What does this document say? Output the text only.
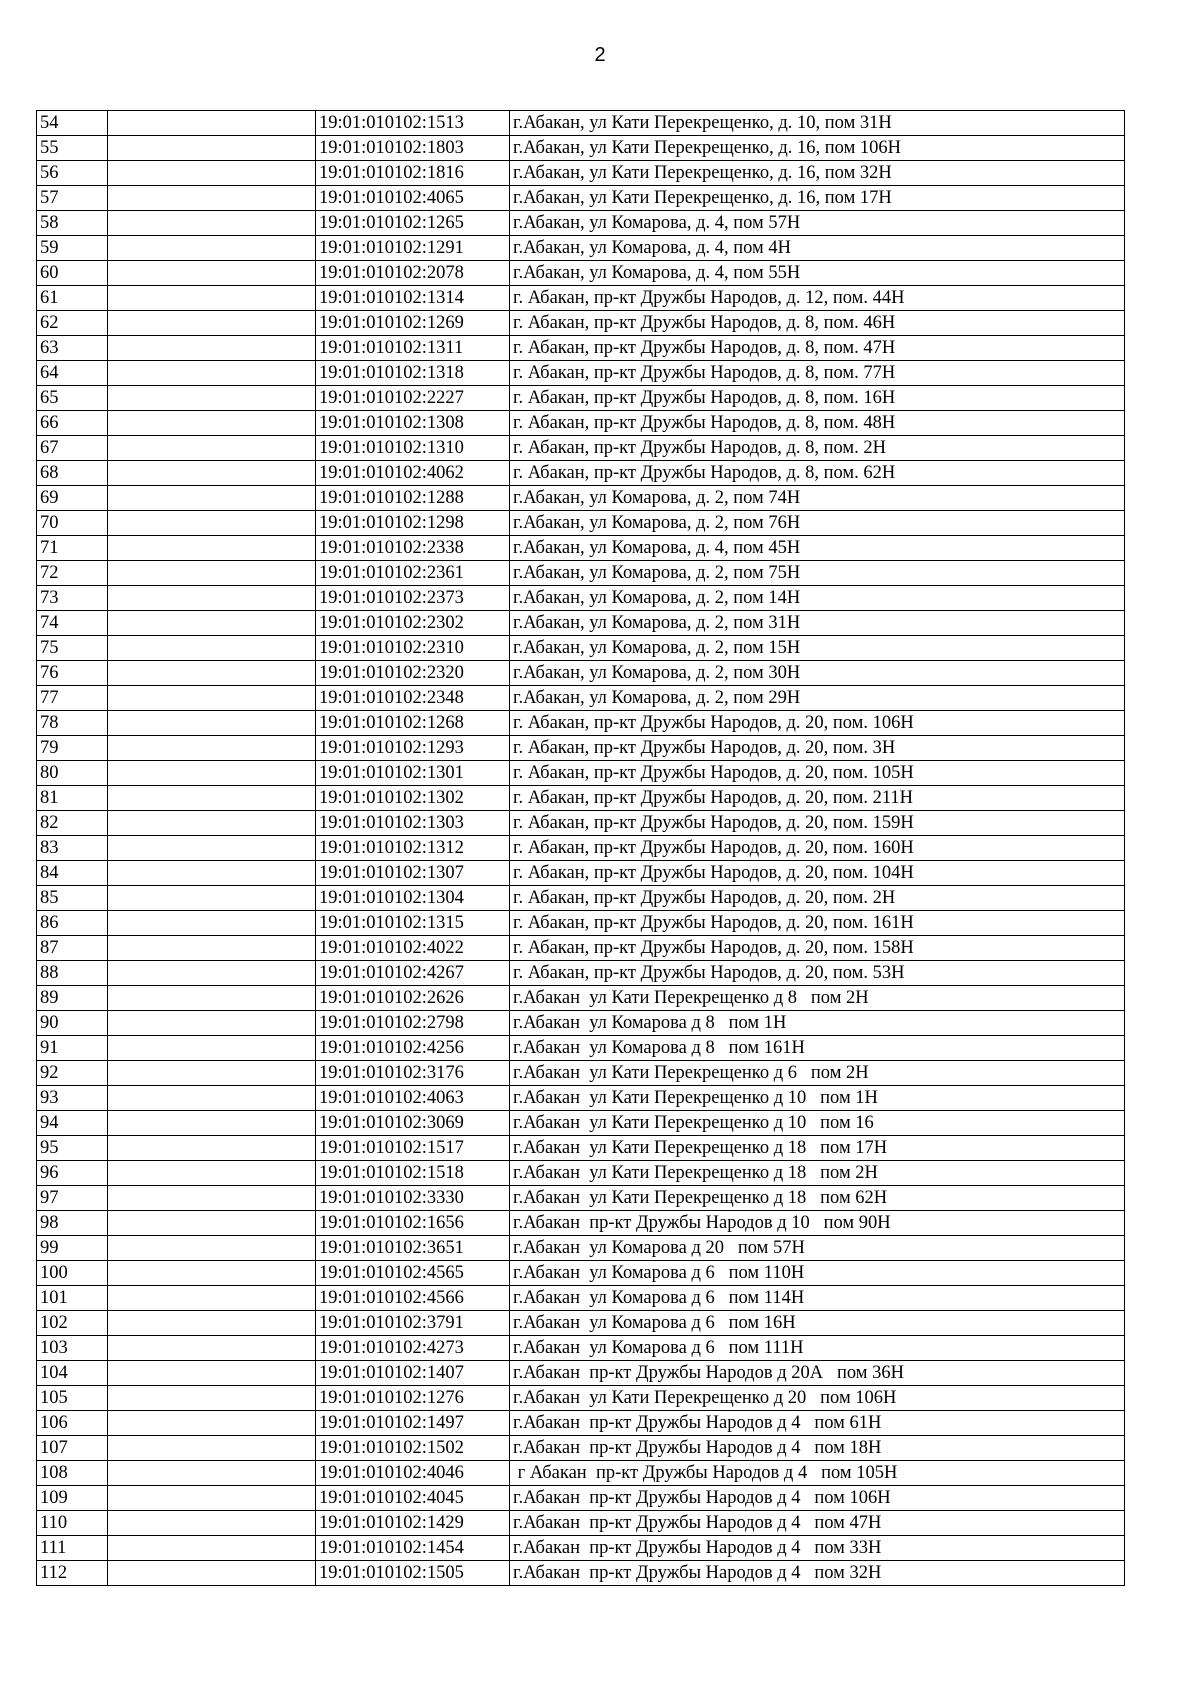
2
54		19:01:010102:1513	г.Абакан, ул Кати Перекрещенко, д. 10, пом 31Н
55		19:01:010102:1803	г.Абакан, ул Кати Перекрещенко, д. 16, пом 106Н
56		19:01:010102:1816	г.Абакан, ул Кати Перекрещенко, д. 16, пом 32Н
57		19:01:010102:4065	г.Абакан, ул Кати Перекрещенко, д. 16, пом 17Н
58		19:01:010102:1265	г.Абакан, ул Комарова, д. 4, пом 57Н
59		19:01:010102:1291	г.Абакан, ул Комарова, д. 4, пом 4Н
60		19:01:010102:2078	г.Абакан, ул Комарова, д. 4, пом 55Н
61		19:01:010102:1314	г. Абакан, пр-кт Дружбы Народов, д. 12, пом. 44Н
62		19:01:010102:1269	г. Абакан, пр-кт Дружбы Народов, д. 8, пом. 46Н
63		19:01:010102:1311	г. Абакан, пр-кт Дружбы Народов, д. 8, пом. 47Н
64		19:01:010102:1318	г. Абакан, пр-кт Дружбы Народов, д. 8, пом. 77Н
65		19:01:010102:2227	г. Абакан, пр-кт Дружбы Народов, д. 8, пом. 16Н
66		19:01:010102:1308	г. Абакан, пр-кт Дружбы Народов, д. 8, пом. 48Н
67		19:01:010102:1310	г. Абакан, пр-кт Дружбы Народов, д. 8, пом. 2Н
68		19:01:010102:4062	г. Абакан, пр-кт Дружбы Народов, д. 8, пом. 62Н
69		19:01:010102:1288	г.Абакан, ул Комарова, д. 2, пом 74Н
70		19:01:010102:1298	г.Абакан, ул Комарова, д. 2, пом 76Н
71		19:01:010102:2338	г.Абакан, ул Комарова, д. 4, пом 45Н
72		19:01:010102:2361	г.Абакан, ул Комарова, д. 2, пом 75Н
73		19:01:010102:2373	г.Абакан, ул Комарова, д. 2, пом 14Н
74		19:01:010102:2302	г.Абакан, ул Комарова, д. 2, пом 31Н
75		19:01:010102:2310	г.Абакан, ул Комарова, д. 2, пом 15Н
76		19:01:010102:2320	г.Абакан, ул Комарова, д. 2, пом 30Н
77		19:01:010102:2348	г.Абакан, ул Комарова, д. 2, пом 29Н
78		19:01:010102:1268	г. Абакан, пр-кт Дружбы Народов, д. 20, пом. 106Н
79		19:01:010102:1293	г. Абакан, пр-кт Дружбы Народов, д. 20, пом. 3Н
80		19:01:010102:1301	г. Абакан, пр-кт Дружбы Народов, д. 20, пом. 105Н
81		19:01:010102:1302	г. Абакан, пр-кт Дружбы Народов, д. 20, пом. 211Н
82		19:01:010102:1303	г. Абакан, пр-кт Дружбы Народов, д. 20, пом. 159Н
83		19:01:010102:1312	г. Абакан, пр-кт Дружбы Народов, д. 20, пом. 160Н
84		19:01:010102:1307	г. Абакан, пр-кт Дружбы Народов, д. 20, пом. 104Н
85		19:01:010102:1304	г. Абакан, пр-кт Дружбы Народов, д. 20, пом. 2Н
86		19:01:010102:1315	г. Абакан, пр-кт Дружбы Народов, д. 20, пом. 161Н
87		19:01:010102:4022	г. Абакан, пр-кт Дружбы Народов, д. 20, пом. 158Н
88		19:01:010102:4267	г. Абакан, пр-кт Дружбы Народов, д. 20, пом. 53Н
89		19:01:010102:2626	г.Абакан  ул Кати Перекрещенко д 8   пом 2Н
90		19:01:010102:2798	г.Абакан  ул Комарова д 8   пом 1Н
91		19:01:010102:4256	г.Абакан  ул Комарова д 8   пом 161Н
92		19:01:010102:3176	г.Абакан  ул Кати Перекрещенко д 6   пом 2Н
93		19:01:010102:4063	г.Абакан  ул Кати Перекрещенко д 10   пом 1Н
94		19:01:010102:3069	г.Абакан  ул Кати Перекрещенко д 10   пом 16
95		19:01:010102:1517	г.Абакан  ул Кати Перекрещенко д 18   пом 17Н
96		19:01:010102:1518	г.Абакан  ул Кати Перекрещенко д 18   пом 2Н
97		19:01:010102:3330	г.Абакан  ул Кати Перекрещенко д 18   пом 62Н
98		19:01:010102:1656	г.Абакан  пр-кт Дружбы Народов д 10   пом 90Н
99		19:01:010102:3651	г.Абакан  ул Комарова д 20   пом 57Н
100		19:01:010102:4565	г.Абакан  ул Комарова д 6   пом 110Н
101		19:01:010102:4566	г.Абакан  ул Комарова д 6   пом 114Н
102		19:01:010102:3791	г.Абакан  ул Комарова д 6   пом 16Н
103		19:01:010102:4273	г.Абакан  ул Комарова д 6   пом 111Н
104		19:01:010102:1407	г.Абакан  пр-кт Дружбы Народов д 20А   пом 36Н
105		19:01:010102:1276	г.Абакан  ул Кати Перекрещенко д 20   пом 106Н
106		19:01:010102:1497	г.Абакан  пр-кт Дружбы Народов д 4   пом 61Н
107		19:01:010102:1502	г.Абакан  пр-кт Дружбы Народов д 4   пом 18Н
108		19:01:010102:4046	г Абакан  пр-кт Дружбы Народов д 4   пом 105Н
109		19:01:010102:4045	г.Абакан  пр-кт Дружбы Народов д 4   пом 106Н
110		19:01:010102:1429	г.Абакан  пр-кт Дружбы Народов д 4   пом 47Н
111		19:01:010102:1454	г.Абакан  пр-кт Дружбы Народов д 4   пом 33Н
112		19:01:010102:1505	г.Абакан  пр-кт Дружбы Народов д 4   пом 32Н
